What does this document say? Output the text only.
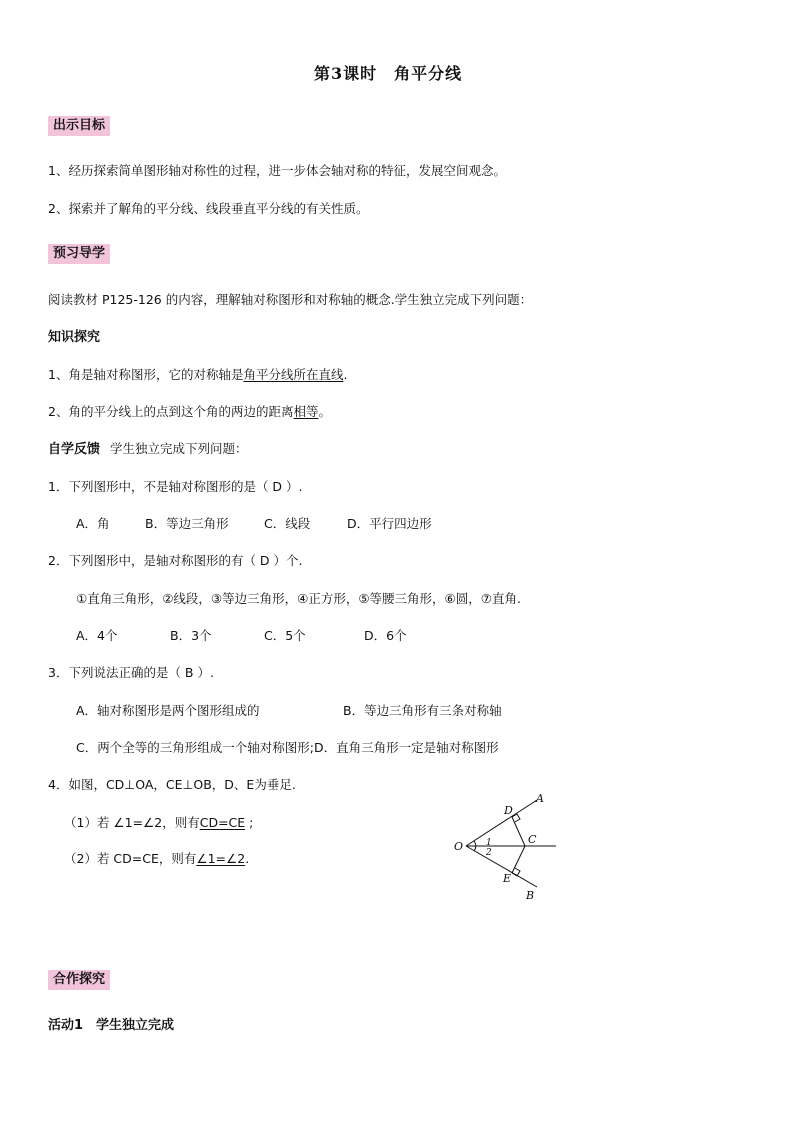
第3课时　角平分线
出示目标
1、经历探索简单图形轴对称性的过程，进一步体会轴对称的特征，发展空间观念。
2、探索并了解角的平分线、线段垂直平分线的有关性质。
预习导学
阅读教材 P125-126 的内容，理解轴对称图形和对称轴的概念.学生独立完成下列问题：
知识探究
1、角是轴对称图形，它的对称轴是角平分线所在直线.
2、角的平分线上的点到这个角的两边的距离相等。
自学反馈 学生独立完成下列问题：
1．下列图形中，不是轴对称图形的是（ D ）.
A．角	B．等边三角形	C．线段	D．平行四边形
2．下列图形中，是轴对称图形的有（ D ）个.
①直角三角形，②线段，③等边三角形，④正方形，⑤等腰三角形，⑥圆，⑦直角.
A．4个	B．3个	C．5个	D．6个
3．下列说法正确的是（ B ）.
A．轴对称图形是两个图形组成的	B．等边三角形有三条对称轴
C．两个全等的三角形组成一个轴对称图形;D．直角三角形一定是轴对称图形
4．如图，CD⊥OA，CE⊥OB，D、E为垂足.
（1）若 ∠1=∠2，则有CD=CE ;
（2）若 CD=CE，则有∠1=∠2.
O
A
B
C
D
E
1
2
合作探究
活动1　学生独立完成
